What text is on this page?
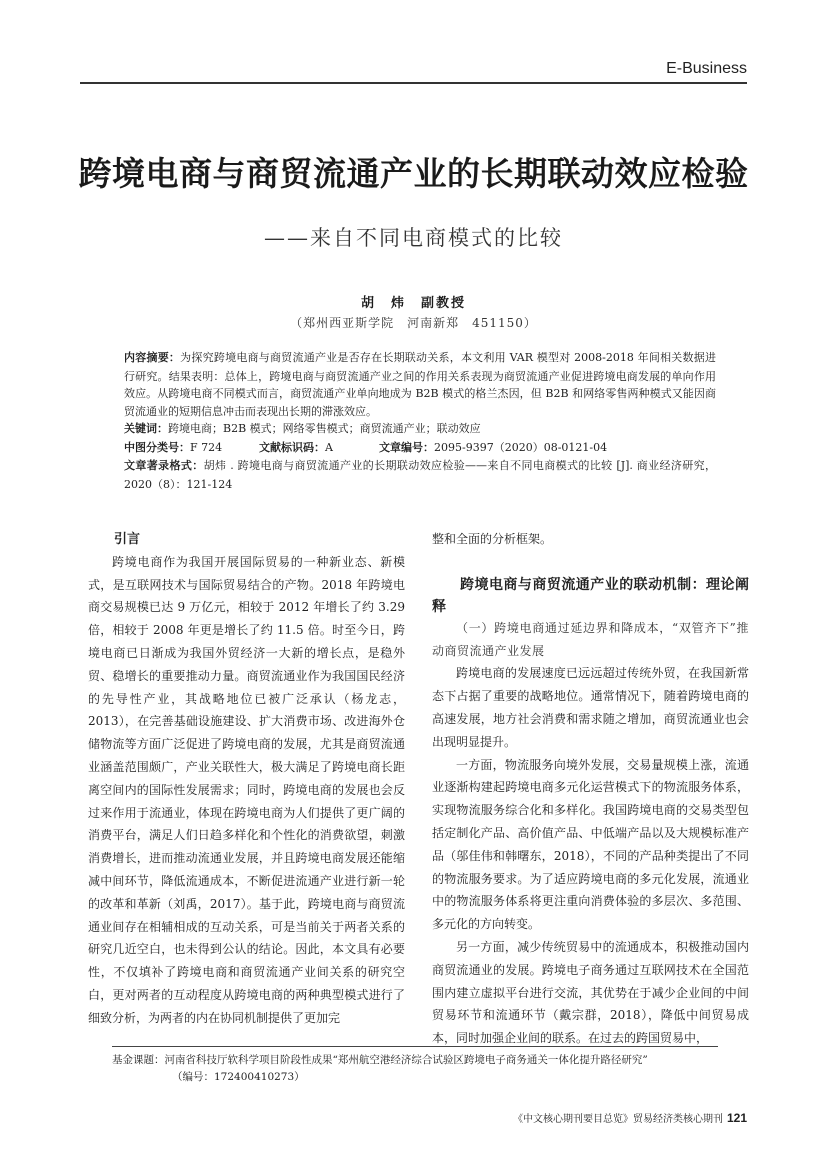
E-Business
跨境电商与商贸流通产业的长期联动效应检验
——来自不同电商模式的比较
胡　炜　副教授
（郑州西亚斯学院　河南新郑　451150）
内容摘要：为探究跨境电商与商贸流通产业是否存在长期联动关系，本文利用 VAR 模型对 2008-2018 年间相关数据进行研究。结果表明：总体上，跨境电商与商贸流通产业之间的作用关系表现为商贸流通产业促进跨境电商发展的单向作用效应。从跨境电商不同模式而言，商贸流通产业单向地成为 B2B 模式的格兰杰因，但 B2B 和网络零售两种模式又能因商贸流通业的短期信息冲击而表现出长期的滞涨效应。
关键词：跨境电商；B2B 模式；网络零售模式；商贸流通产业；联动效应
中图分类号：F 724	文献标识码：A	文章编号：2095-9397（2020）08-0121-04
文章著录格式：胡炜 . 跨境电商与商贸流通产业的长期联动效应检验——来自不同电商模式的比较 [J]. 商业经济研究，2020（8）：121-124

引言

跨境电商作为我国开展国际贸易的一种新业态、新模式，是互联网技术与国际贸易结合的产物。2018 年跨境电商交易规模已达 9 万亿元，相较于 2012 年增长了约 3.29 倍，相较于 2008 年更是增长了约 11.5 倍。时至今日，跨境电商已日渐成为我国外贸经济一大新的增长点，是稳外贸、稳增长的重要推动力量。商贸流通业作为我国国民经济的先导性产业，其战略地位已被广泛承认（杨龙志，2013），在完善基础设施建设、扩大消费市场、改进海外仓储物流等方面广泛促进了跨境电商的发展，尤其是商贸流通业涵盖范围颇广，产业关联性大，极大满足了跨境电商长距离空间内的国际性发展需求；同时，跨境电商的发展也会反过来作用于流通业，体现在跨境电商为人们提供了更广阔的消费平台，满足人们日趋多样化和个性化的消费欲望，刺激消费增长，进而推动流通业发展，并且跨境电商发展还能缩减中间环节，降低流通成本，不断促进流通产业进行新一轮的改革和革新（刘禹，2017）。基于此，跨境电商与商贸流通业间存在相辅相成的互动关系，可是当前关于两者关系的研究几近空白，也未得到公认的结论。因此，本文具有必要性，不仅填补了跨境电商和商贸流通产业间关系的研究空白，更对两者的互动程度从跨境电商的两种典型模式进行了细致分析，为两者的内在协同机制提供了更加完

整和全面的分析框架。

跨境电商与商贸流通产业的联动机制：理论阐释

（一）跨境电商通过延边界和降成本，“双管齐下”推动商贸流通产业发展

跨境电商的发展速度已远远超过传统外贸，在我国新常态下占据了重要的战略地位。通常情况下，随着跨境电商的高速发展，地方社会消费和需求随之增加，商贸流通业也会出现明显提升。

一方面，物流服务向境外发展，交易量规模上涨，流通业逐渐构建起跨境电商多元化运营模式下的物流服务体系，实现物流服务综合化和多样化。我国跨境电商的交易类型包括定制化产品、高价值产品、中低端产品以及大规模标准产品（邬佳伟和韩曙东，2018），不同的产品种类提出了不同的物流服务要求。为了适应跨境电商的多元化发展，流通业中的物流服务体系将更注重向消费体验的多层次、多范围、多元化的方向转变。

另一方面，减少传统贸易中的流通成本，积极推动国内商贸流通业的发展。跨境电子商务通过互联网技术在全国范围内建立虚拟平台进行交流，其优势在于减少企业间的中间贸易环节和流通环节（戴宗群，2018），降低中间贸易成本，同时加强企业间的联系。在过去的跨国贸易中，

基金课题：河南省科技厅软科学项目阶段性成果“郑州航空港经济综合试验区跨境电子商务通关一体化提升路径研究”
（编号：172400410273）
《中文核心期刊要目总览》贸易经济类核心期刊 121
